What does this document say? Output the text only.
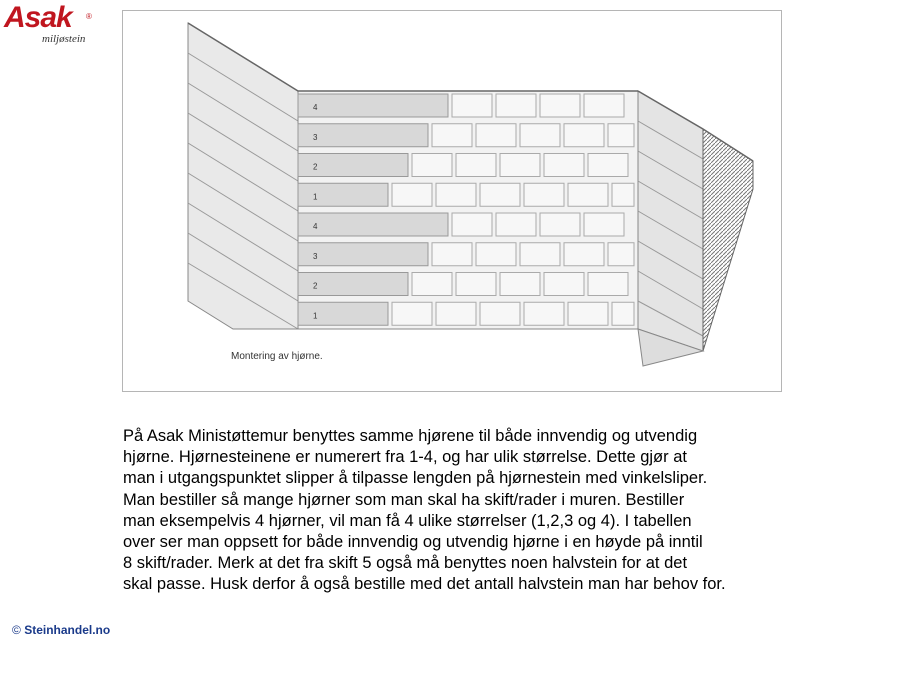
Asak ®
miljøstein
4
3
2
1
4
3
2
1
Montering av hjørne.

På Asak Ministøttemur benyttes samme hjørene til både innvendig og utvendig

hjørne. Hjørnesteinene er numerert fra 1-4, og har ulik størrelse. Dette gjør at

man i utgangspunktet slipper å tilpasse lengden på hjørnestein med vinkelsliper.

Man bestiller så mange hjørner som man skal ha skift/rader i muren. Bestiller

man eksempelvis 4 hjørner, vil man få 4 ulike størrelser (1,2,3 og 4). I tabellen

over ser man oppsett for både innvendig og utvendig hjørne i en høyde på inntil

8 skift/rader. Merk at det fra skift 5 også må benyttes noen halvstein for at det

skal passe. Husk derfor å også bestille med det antall halvstein man har behov for.

© Steinhandel.no
